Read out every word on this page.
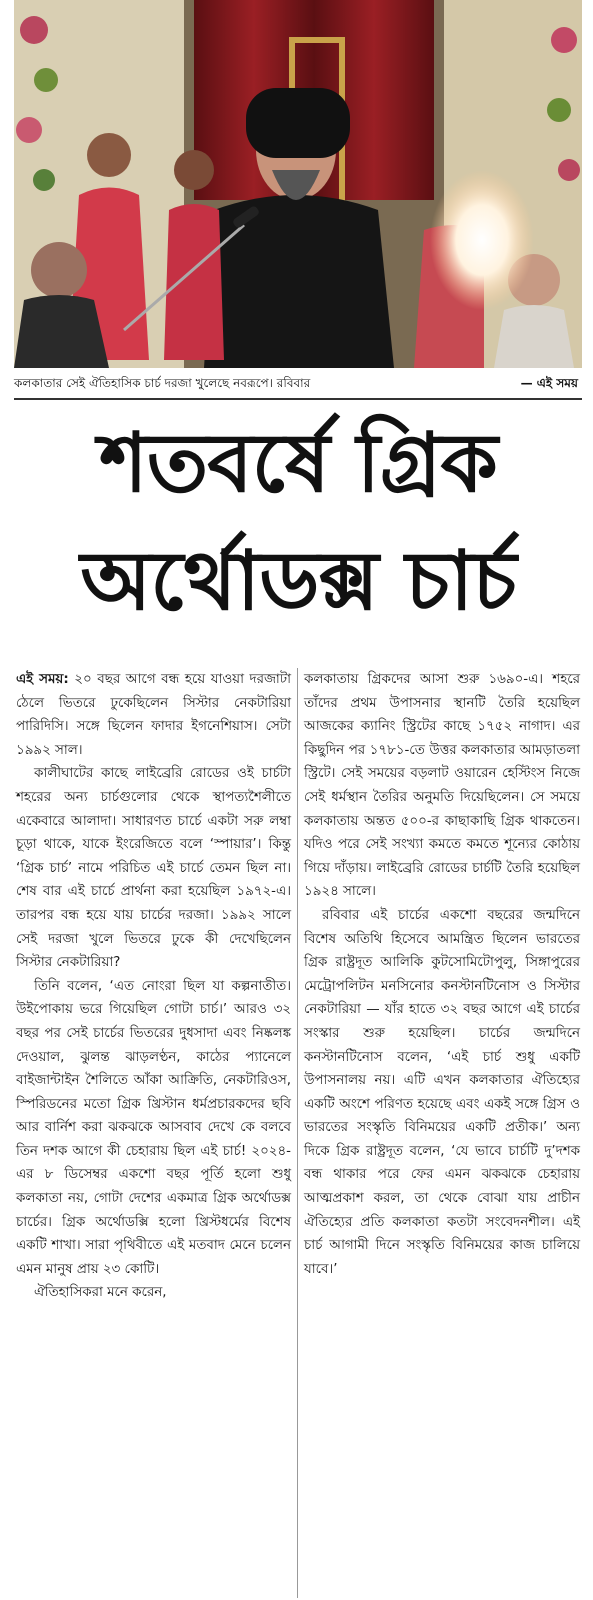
কলকাতার সেই ঐতিহাসিক চার্চ দরজা খুলেছে নবরূপে। রবিবার	— এই সময়
শতবর্ষে গ্রিক
অর্থোডক্স চার্চ

এই সময়: ২০ বছর আগে বন্ধ হয়ে যাওয়া দরজাটা ঠেলে ভিতরে ঢুকেছিলেন সিস্টার নেকটারিয়া পারিদিসি। সঙ্গে ছিলেন ফাদার ইগনেশিয়াস। সেটা ১৯৯২ সাল।

কালীঘাটের কাছে লাইব্রেরি রোডের ওই চার্চটা শহরের অন্য চার্চগুলোর থেকে স্থাপত্যশৈলীতে একেবারে আলাদা। সাধারণত চার্চে একটা সরু লম্বা চূড়া থাকে, যাকে ইংরেজিতে বলে ‘স্পায়ার’। কিন্তু ‘গ্রিক চার্চ’ নামে পরিচিত এই চার্চে তেমন ছিল না। শেষ বার এই চার্চে প্রার্থনা করা হয়েছিল ১৯৭২-এ। তারপর বন্ধ হয়ে যায় চার্চের দরজা। ১৯৯২ সালে সেই দরজা খুলে ভিতরে ঢুকে কী দেখেছিলেন সিস্টার নেকটারিয়া?

তিনি বলেন, ‘এত নোংরা ছিল যা কল্পনাতীত। উইপোকায় ভরে গিয়েছিল গোটা চার্চ।’ আরও ৩২ বছর পর সেই চার্চের ভিতরের দুধসাদা এবং নিষ্কলঙ্ক দেওয়াল, ঝুলন্ত ঝাড়লণ্ঠন, কাঠের প্যানেলে বাইজান্টাইন শৈলিতে আঁকা আক্রিতি, নেকটারিওস, স্পিরিডনের মতো গ্রিক খ্রিস্টান ধর্মপ্রচারকদের ছবি আর বার্নিশ করা ঝকঝকে আসবাব দেখে কে বলবে তিন দশক আগে কী চেহারায় ছিল এই চার্চ! ২০২৪-এর ৮ ডিসেম্বর একশো বছর পূর্তি হলো শুধু কলকাতা নয়, গোটা দেশের একমাত্র গ্রিক অর্থোডক্স চার্চের। গ্রিক অর্থোডক্সি হলো খ্রিস্টধর্মের বিশেষ একটি শাখা। সারা পৃথিবীতে এই মতবাদ মেনে চলেন এমন মানুষ প্রায় ২৩ কোটি।

ঐতিহাসিকরা মনে করেন,

কলকাতায় গ্রিকদের আসা শুরু ১৬৯০-এ। শহরে তাঁদের প্রথম উপাসনার স্থানটি তৈরি হয়েছিল আজকের ক্যানিং স্ট্রিটের কাছে ১৭৫২ নাগাদ। এর কিছুদিন পর ১৭৮১-তে উত্তর কলকাতার আমড়াতলা স্ট্রিটে। সেই সময়ের বড়লাট ওয়ারেন হেস্টিংস নিজে সেই ধর্মস্থান তৈরির অনুমতি দিয়েছিলেন। সে সময়ে কলকাতায় অন্তত ৫০০-র কাছাকাছি গ্রিক থাকতেন। যদিও পরে সেই সংখ্যা কমতে কমতে শূন্যের কোঠায় গিয়ে দাঁড়ায়। লাইব্রেরি রোডের চার্চটি তৈরি হয়েছিল ১৯২৪ সালে।

রবিবার এই চার্চের একশো বছরের জন্মদিনে বিশেষ অতিথি হিসেবে আমন্ত্রিত ছিলেন ভারতের গ্রিক রাষ্ট্রদূত আলিকি কুটসোমিটোপুলু, সিঙ্গাপুরের মেট্রোপলিটন মনসিনোর কনস্টানটিনোস ও সিস্টার নেকটারিয়া — যাঁর হাতে ৩২ বছর আগে এই চার্চের সংস্কার শুরু হয়েছিল। চার্চের জন্মদিনে কনস্টানটিনোস বলেন, ‘এই চার্চ শুধু একটি উপাসনালয় নয়। এটি এখন কলকাতার ঐতিহ্যের একটি অংশে পরিণত হয়েছে এবং একই সঙ্গে গ্রিস ও ভারতের সংস্কৃতি বিনিময়ের একটি প্রতীক।’ অন্য দিকে গ্রিক রাষ্ট্রদূত বলেন, ‘যে ভাবে চার্চটি দু’দশক বন্ধ থাকার পরে ফের এমন ঝকঝকে চেহারায় আত্মপ্রকাশ করল, তা থেকে বোঝা যায় প্রাচীন ঐতিহ্যের প্রতি কলকাতা কতটা সংবেদনশীল। এই চার্চ আগামী দিনে সংস্কৃতি বিনিময়ের কাজ চালিয়ে যাবে।’
